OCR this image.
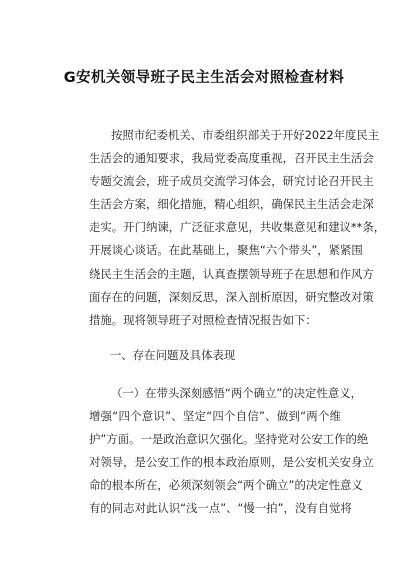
G安机关领导班子民主生活会对照检查材料
按照市纪委机关、市委组织部关于开好2022年度民主
生活会的通知要求，我局党委高度重视，召开民主生活会
专题交流会，班子成员交流学习体会，研究讨论召开民主
生活会方案，细化措施，精心组织，确保民主生活会走深
走实。开门纳谏，广泛征求意见，共收集意见和建议**条，
开展谈心谈话。在此基础上，聚焦“六个带头”，紧紧围
绕民主生活会的主题，认真查摆领导班子在思想和作风方
面存在的问题，深刻反思，深入剖析原因，研究整改对策
措施。现将领导班子对照检查情况报告如下：
一、存在问题及具体表现
（一）在带头深刻感悟“两个确立”的决定性意义，
增强“四个意识”、坚定“四个自信”、做到“两个维
护”方面。一是政治意识欠强化。坚持党对公安工作的绝
对领导，是公安工作的根本政治原则，是公安机关安身立
命的根本所在，必须深刻领会“两个确立”的决定性意义
有的同志对此认识“浅一点”、“慢一拍”，没有自觉将
